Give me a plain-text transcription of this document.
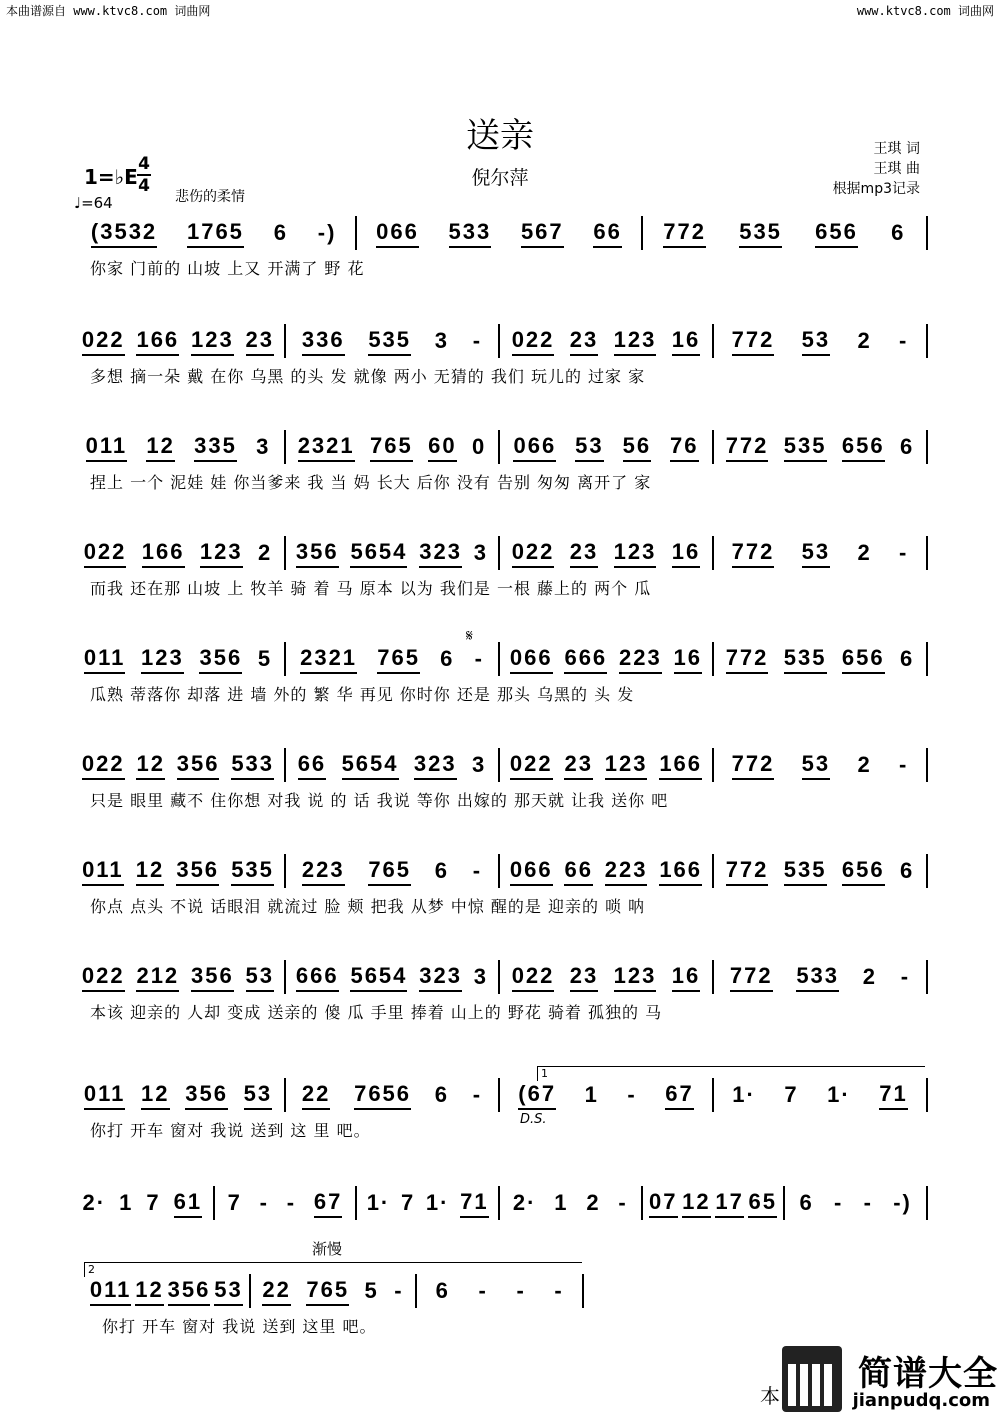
本曲谱源自 www.ktvc8.com 词曲网	www.ktvc8.com 词曲网
送亲
倪尔萍
王琪 词
王琪 曲
根据mp3记录
1=♭E
4
4
♩=64	悲伤的柔情
(3532 1765 6 -) 066 533 567 66 772 535 656 6
你家 门前的 山坡 上又 开满了 野 花
022 166 123 23 336 535 3 - 022 23 123 16 772 53 2 -
多想 摘一朵 戴 在你 乌黑 的头 发 就像 两小 无猜的 我们 玩儿的 过家 家
011 12 335 3 2321 765 60 0 066 53 56 76 772 535 656 6
捏上 一个 泥娃 娃 你当爹来 我 当 妈 长大 后你 没有 告别 匆匆 离开了 家
022 166 123 2 356 5654 323 3 022 23 123 16 772 53 2 -
而我 还在那 山坡 上 牧羊 骑 着 马 原本 以为 我们是 一根 藤上的 两个 瓜
011 123 356 5 2321 765 6 - 066 666 223 16 772 535 656 6
瓜熟 蒂落你 却落 进 墙 外的 繁 华 再见 你时你 还是 那头 乌黑的 头 发
022 12 356 533 66 5654 323 3 022 23 123 166 772 53 2 -
只是 眼里 藏不 住你想 对我 说 的 话 我说 等你 出嫁的 那天就 让我 送你 吧
011 12 356 535 223 765 6 - 066 66 223 166 772 535 656 6
你点 点头 不说 话眼泪 就流过 脸 颊 把我 从梦 中惊 醒的是 迎亲的 唢 呐
022 212 356 53 666 5654 323 3 022 23 123 16 772 533 2 -
本该 迎亲的 人却 变成 送亲的 傻 瓜 手里 捧着 山上的 野花 骑着 孤独的 马
011 12 356 53 22 7656 6 - (67 1 - 67 1· 7 1· 71
你打 开车 窗对 我说 送到 这 里 吧。
2· 1 7 61 7 - - 67 1· 7 1· 71 2· 1 2 - 07 12 17 65 6 - - -)
011 12 356 53 22 765 5 - 6 - - -
你打 开车 窗对 我说 送到 这里 吧。
D.S.
𝄋
1
2
渐慢
本
简谱大全
jianpudq.com
